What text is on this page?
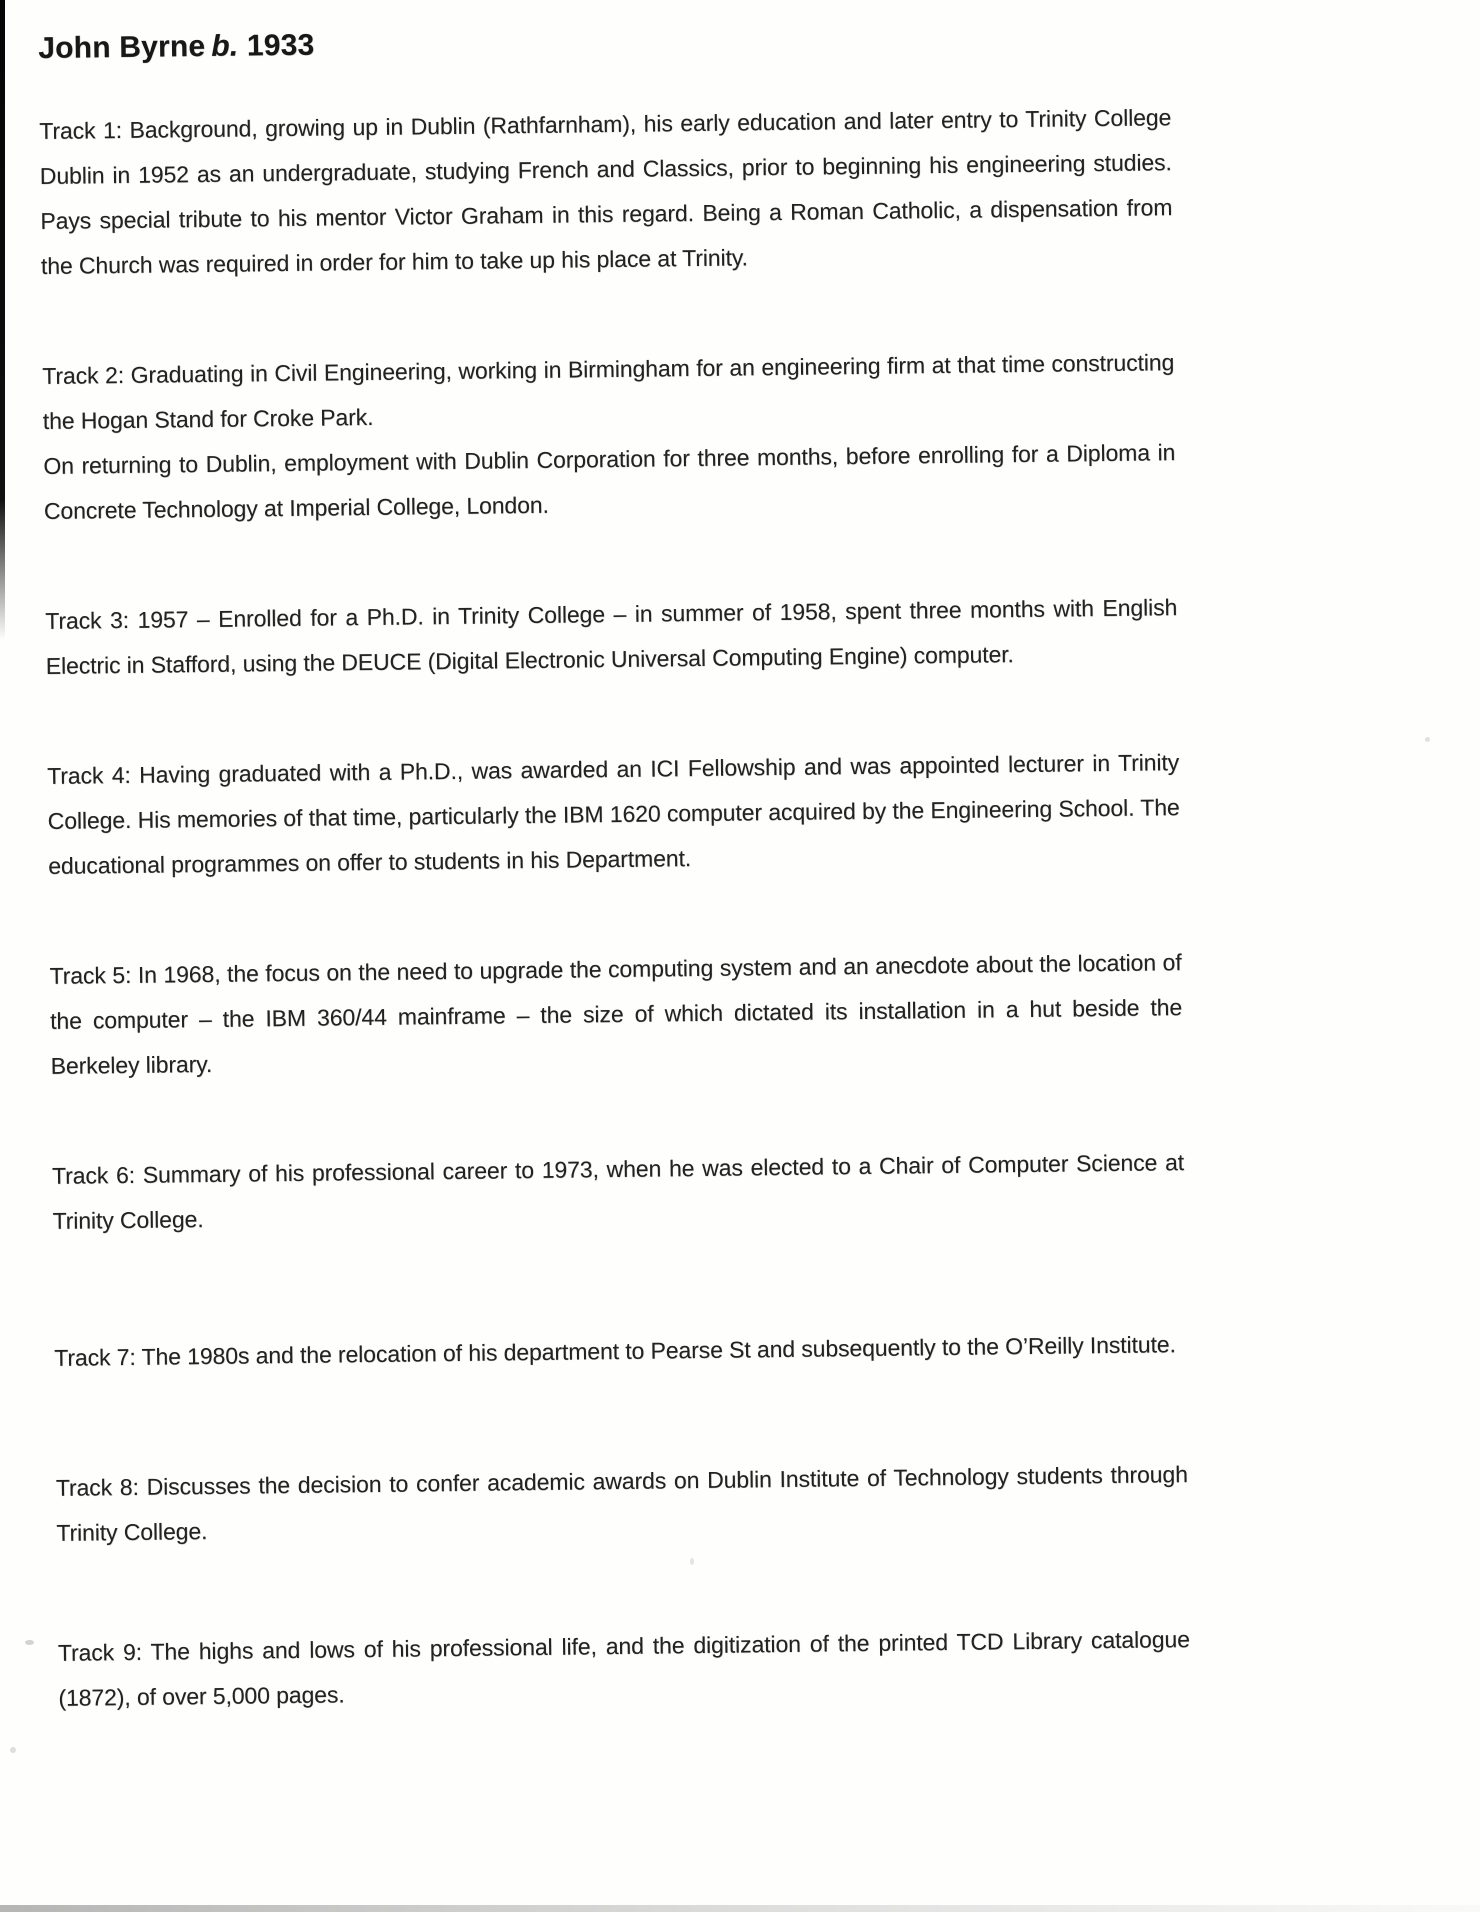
John Byrne b. 1933

Track 1: Background, growing up in Dublin (Rathfarnham), his early education and later entry to Trinity College Dublin in 1952 as an undergraduate, studying French and Classics, prior to beginning his engineering studies. Pays special tribute to his mentor Victor Graham in this regard. Being a Roman Catholic, a dispensation from the Church was required in order for him to take up his place at Trinity.

Track 2: Graduating in Civil Engineering, working in Birmingham for an engineering firm at that time constructing the Hogan Stand for Croke Park.
On returning to Dublin, employment with Dublin Corporation for three months, before enrolling for a Diploma in Concrete Technology at Imperial College, London.

Track 3: 1957 – Enrolled for a Ph.D. in Trinity College – in summer of 1958, spent three months with English Electric in Stafford, using the DEUCE (Digital Electronic Universal Computing Engine) computer.

Track 4: Having graduated with a Ph.D., was awarded an ICI Fellowship and was appointed lecturer in Trinity College. His memories of that time, particularly the IBM 1620 computer acquired by the Engineering School. The educational programmes on offer to students in his Department.

Track 5: In 1968, the focus on the need to upgrade the computing system and an anecdote about the location of the computer – the IBM 360/44 mainframe – the size of which dictated its installation in a hut beside the Berkeley library.

Track 6: Summary of his professional career to 1973, when he was elected to a Chair of Computer Science at Trinity College.

Track 7: The 1980s and the relocation of his department to Pearse St and subsequently to the O’Reilly Institute.

Track 8: Discusses the decision to confer academic awards on Dublin Institute of Technology students through Trinity College.

Track 9: The highs and lows of his professional life, and the digitization of the printed TCD Library catalogue (1872), of over 5,000 pages.
